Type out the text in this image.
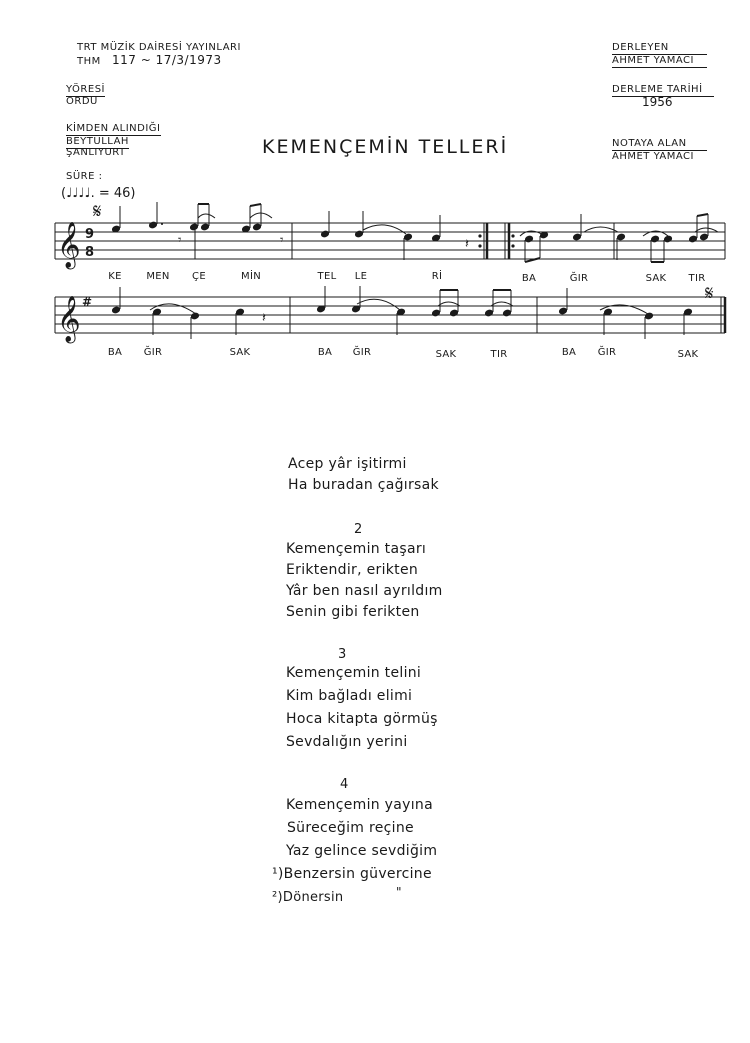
TRT MÜZİK DAİRESİ YAYINLARI
THM 117 ~ 17/3/1973
YÖRESİ
ORDU
KİMDEN ALINDIĞI
BEYTULLAH
ŞANLIYURT
SÜRE :
(♩♩♩♩. = 46)
DERLEYEN
AHMET YAMACI
DERLEME TARİHİ
1956
NOTAYA ALAN
AHMET YAMACI
KEMENÇEMİN TELLERİ
𝄞
𝄞
9
8
#
𝄋
𝄋
𝄾	𝄾	𝄽
𝄽
KE	MEN	ÇE	MİN	TEL	LE	Rİ	BA	ĞIR	SAK	TIR
BA	ĞIR	SAK	BA	ĞIR	SAK	TIR	BA	ĞIR	SAK
Acep yâr işitirmi
Ha buradan çağırsak
2
Kemençemin taşarı
Eriktendir, erikten
Yâr ben nasıl ayrıldım
Senin gibi ferikten
3
Kemençemin telini
Kim bağladı elimi
Hoca kitapta görmüş
Sevdalığın yerini
4
Kemençemin yayına
Süreceğim reçine
Yaz gelince sevdiğim
¹)Benzersin güvercine
²)Dönersin	"
